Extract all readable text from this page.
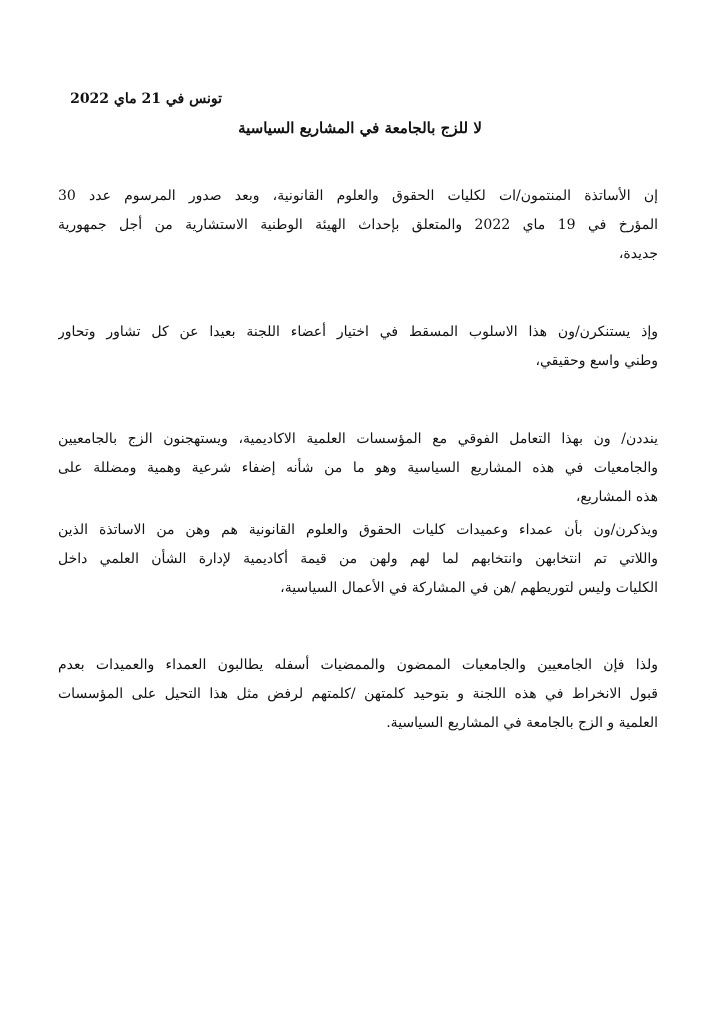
تونس في 21 ماي 2022
لا للزج بالجامعة في المشاريع السياسية
إن الأساتذة المنتمون/ات لكليات الحقوق والعلوم القانونية، وبعد صدور المرسوم عدد 30
المؤرخ في 19 ماي 2022 والمتعلق بإحداث الهيئة الوطنية الاستشارية من أجل جمهورية
جديدة،
وإذ يستنكرن/ون هذا الاسلوب المسقط في اختيار أعضاء اللجنة بعيدا عن كل تشاور وتحاور
وطني واسع وحقيقي،
ينددن/ ون بهذا التعامل الفوقي مع المؤسسات العلمية الاكاديمية، ويستهجنون الزج بالجامعيين
والجامعيات في هذه المشاريع السياسية وهو ما من شأنه إضفاء شرعية وهمية ومضللة على
هذه المشاريع،
ويذكرن/ون بأن عمداء وعميدات كليات الحقوق والعلوم القانونية هم وهن من الاساتذة الذين
واللاتي تم انتخابهن وانتخابهم لما لهم ولهن من قيمة أكاديمية لإدارة الشأن العلمي داخل
الكليات وليس لتوريطهم /هن في المشاركة في الأعمال السياسية،
ولذا فإن الجامعيين والجامعيات الممضون والممضيات أسفله يطالبون العمداء والعميدات بعدم
قبول الانخراط في هذه اللجنة و بتوحيد كلمتهن /كلمتهم لرفض مثل هذا التحيل على المؤسسات
العلمية و الزج بالجامعة في المشاريع السياسية.
